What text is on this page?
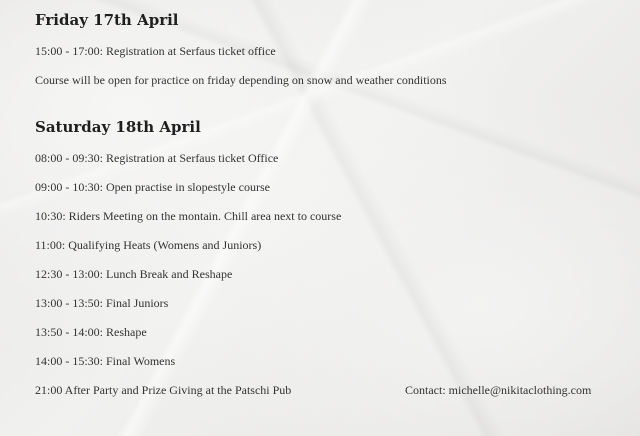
Friday 17th April

15:00 - 17:00: Registration at Serfaus ticket office

Course will be open for practice on friday depending on snow and weather conditions

Saturday 18th April

08:00 - 09:30: Registration at Serfaus ticket Office

09:00 - 10:30: Open practise in slopestyle course

10:30: Riders Meeting on the montain. Chill area next to course

11:00: Qualifying Heats (Womens and Juniors)

12:30 - 13:00: Lunch Break and Reshape

13:00 - 13:50: Final Juniors

13:50 - 14:00: Reshape

14:00 - 15:30: Final Womens

21:00 After Party and Prize Giving at the Patschi Pub	Contact: michelle@nikitaclothing.com
